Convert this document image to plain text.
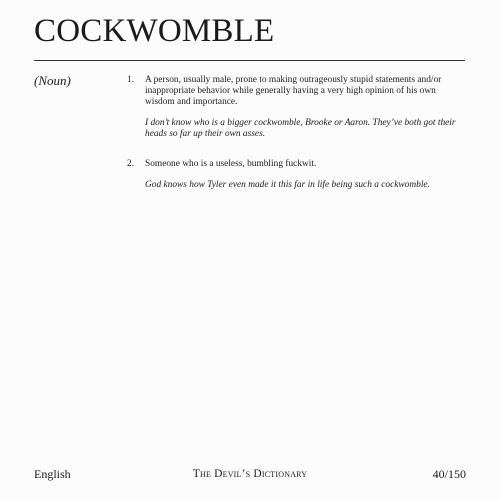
COCKWOMBLE
(Noun)	1. A person, usually male, prone to making outrageously stupid statements and/or inappropriate behavior while generally having a very high opinion of his own wisdom and importance.
I don’t know who is a bigger cockwomble, Brooke or Aaron. They’ve both got their heads so far up their own asses.
2. Someone who is a useless, bumbling fuckwit.
God knows how Tyler even made it this far in life being such a cockwomble.
English	The Devil’s Dictionary	40/150
